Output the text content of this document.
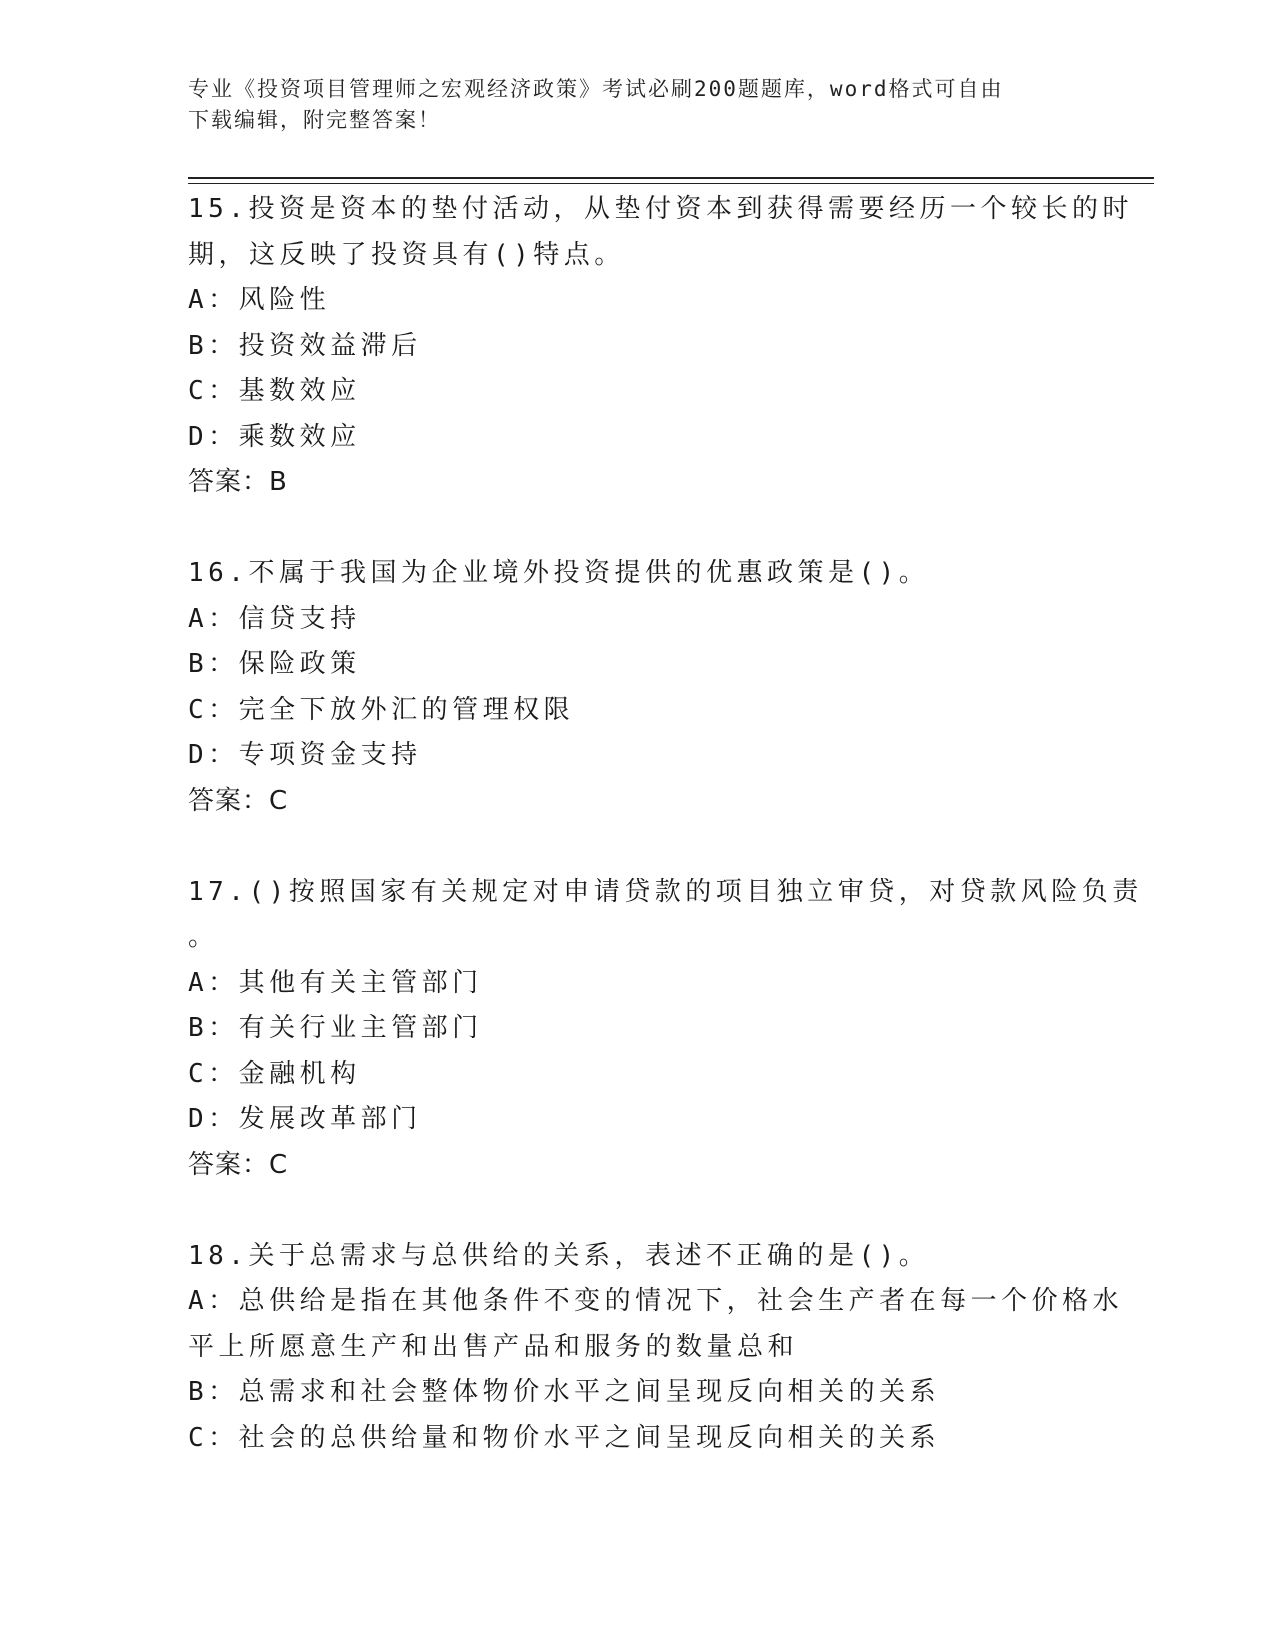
专业《投资项目管理师之宏观经济政策》考试必刷200题题库，word格式可自由
下载编辑，附完整答案！
15.投资是资本的垫付活动，从垫付资本到获得需要经历一个较长的时
期，这反映了投资具有()特点。
A：风险性
B：投资效益滞后
C：基数效应
D：乘数效应
答案：B
16.不属于我国为企业境外投资提供的优惠政策是()。
A：信贷支持
B：保险政策
C：完全下放外汇的管理权限
D：专项资金支持
答案：C
17.()按照国家有关规定对申请贷款的项目独立审贷，对贷款风险负责
。
A：其他有关主管部门
B：有关行业主管部门
C：金融机构
D：发展改革部门
答案：C
18.关于总需求与总供给的关系，表述不正确的是()。
A：总供给是指在其他条件不变的情况下，社会生产者在每一个价格水
平上所愿意生产和出售产品和服务的数量总和
B：总需求和社会整体物价水平之间呈现反向相关的关系
C：社会的总供给量和物价水平之间呈现反向相关的关系
